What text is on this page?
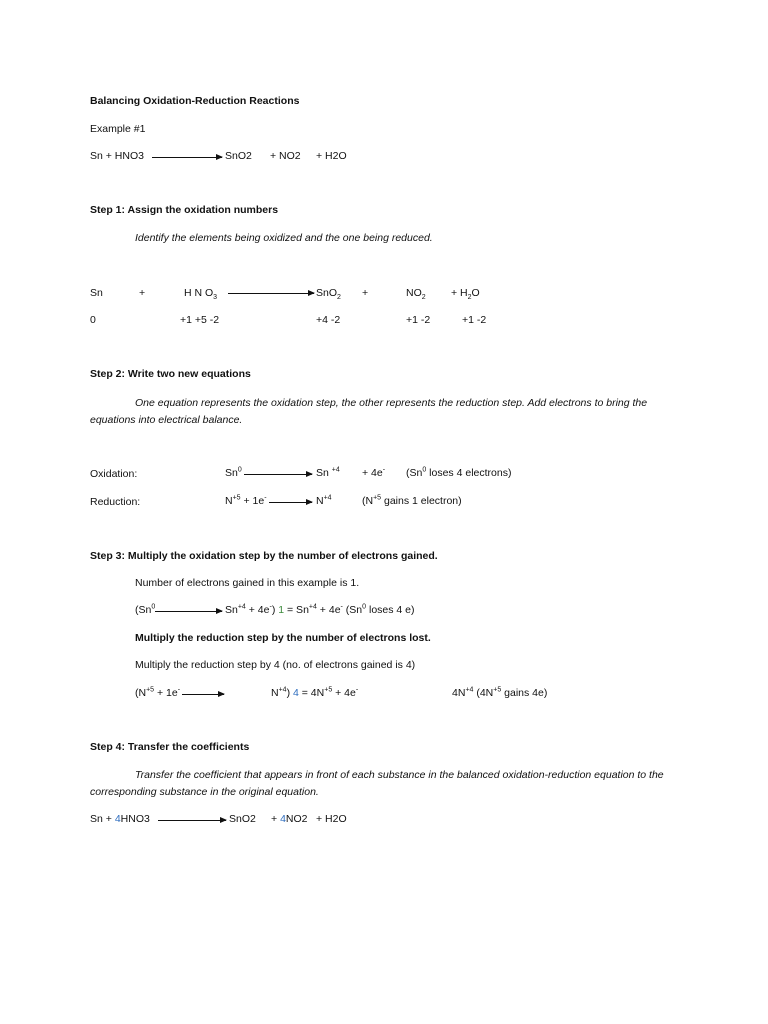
Balancing Oxidation-Reduction Reactions
Example #1
Sn + HNO3	SnO2 + NO2 + H2O
Step 1: Assign the oxidation numbers
Identify the elements being oxidized and the one being reduced.
Sn	+	H N $O_3$	SnO$_2$ +	$NO_2 + H_2O$
0	+1 +5 -2	+4 -2	+1 -2	+1 -2
Step 2: Write two new equations
One equation represents the oxidation step, the other represents the reduction step. Add electrons to bring the equations into electrical balance.
Oxidation:	Sn$^0$	Sn $^{+4}$ + 4e- (Sn$^0$ loses 4 electrons)
Reduction:	$N^{+5} + 1e^-$	$N^{+4}$	($N^{+5}$ gains 1 electron)
Step 3: Multiply the oxidation step by the number of electrons gained.
Number of electrons gained in this example is 1.
(Sn$^0$	$Sn^{+4} + 4e^-$) $1 = Sn^{+4} + 4e^-$ (Sn$^0$ loses 4 e)
Multiply the reduction step by the number of electrons lost.
Multiply the reduction step by 4 (no. of electrons gained is 4)
($N^{+5} + 1e^-$	$N^{+4}$) $4 = 4N^{+5} + 4e^-$	$4N^{+4}$ ($4N^{+5}$ gains 4e)
Step 4: Transfer the coefficients
Transfer the coefficient that appears in front of each substance in the balanced oxidation-reduction equation to the corresponding substance in the original equation.
Sn + 4HNO3	SnO2 + 4NO2 + H2O
